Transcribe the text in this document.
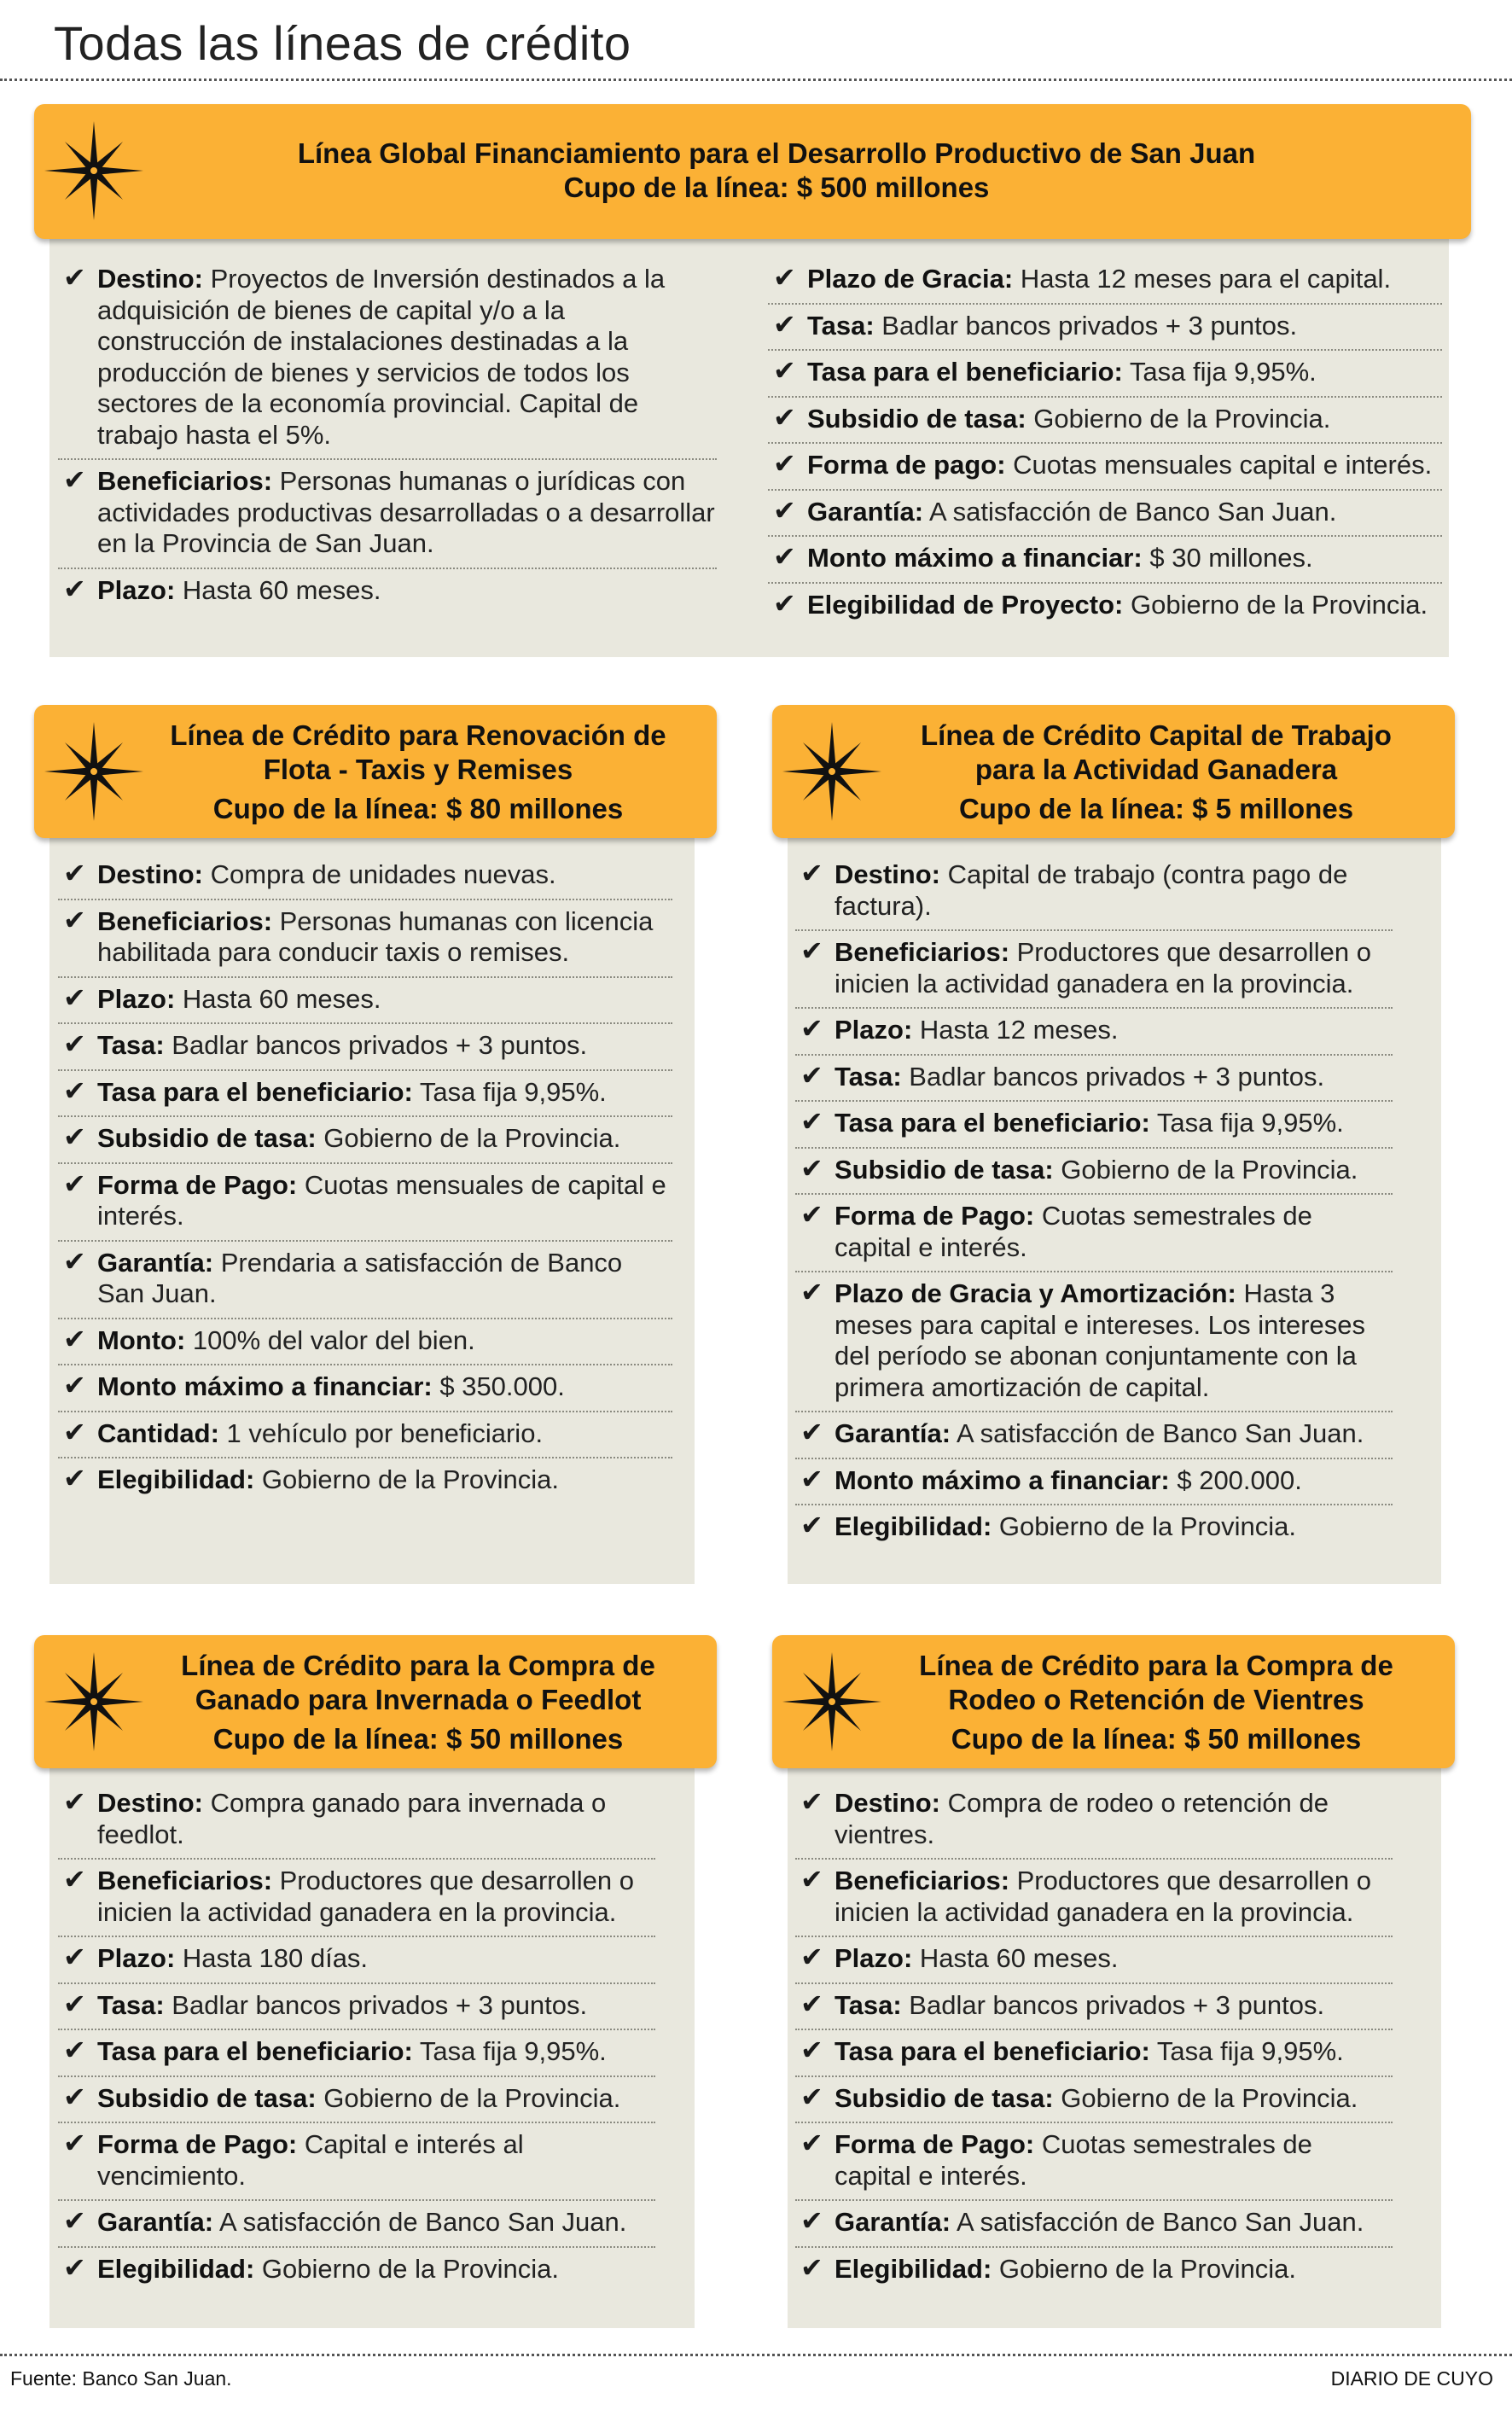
Todas las líneas de crédito
Línea Global Financiamiento para el Desarrollo Productivo de San Juan
Cupo de la línea: $ 500 millones
✔ Destino: Proyectos de Inversión destinados a la adquisición de bienes de capital y/o a la construcción de instalaciones destinadas a la producción de bienes y servicios de todos los sectores de la economía provincial. Capital de trabajo hasta el 5%.
✔ Beneficiarios: Personas humanas o jurídicas con actividades productivas desarrolladas o a desarrollar en la Provincia de San Juan.
✔ Plazo: Hasta 60 meses.
✔ Plazo de Gracia: Hasta 12 meses para el capital.
✔ Tasa: Badlar bancos privados + 3 puntos.
✔ Tasa para el beneficiario: Tasa fija 9,95%.
✔ Subsidio de tasa: Gobierno de la Provincia.
✔ Forma de pago: Cuotas mensuales capital e interés.
✔ Garantía: A satisfacción de Banco San Juan.
✔ Monto máximo a financiar: $ 30 millones.
✔ Elegibilidad de Proyecto: Gobierno de la Provincia.
Línea de Crédito para Renovación de
Flota - Taxis y Remises
Cupo de la línea: $ 80 millones
✔ Destino: Compra de unidades nuevas.
✔ Beneficiarios: Personas humanas con licencia habilitada para conducir taxis o remises.
✔ Plazo: Hasta 60 meses.
✔ Tasa: Badlar bancos privados + 3 puntos.
✔ Tasa para el beneficiario: Tasa fija 9,95%.
✔ Subsidio de tasa: Gobierno de la Provincia.
✔ Forma de Pago: Cuotas mensuales de capital e interés.
✔ Garantía: Prendaria a satisfacción de Banco San Juan.
✔ Monto: 100% del valor del bien.
✔ Monto máximo a financiar: $ 350.000.
✔ Cantidad: 1 vehículo por beneficiario.
✔ Elegibilidad: Gobierno de la Provincia.
Línea de Crédito Capital de Trabajo
para la Actividad Ganadera
Cupo de la línea: $ 5 millones
✔ Destino: Capital de trabajo (contra pago de factura).
✔ Beneficiarios: Productores que desarrollen o inicien la actividad ganadera en la provincia.
✔ Plazo: Hasta 12 meses.
✔ Tasa: Badlar bancos privados + 3 puntos.
✔ Tasa para el beneficiario: Tasa fija 9,95%.
✔ Subsidio de tasa: Gobierno de la Provincia.
✔ Forma de Pago: Cuotas semestrales de capital e interés.
✔ Plazo de Gracia y Amortización: Hasta 3 meses para capital e intereses. Los intereses del período se abonan conjuntamente con la primera amortización de capital.
✔ Garantía: A satisfacción de Banco San Juan.
✔ Monto máximo a financiar: $ 200.000.
✔ Elegibilidad: Gobierno de la Provincia.
Línea de Crédito para la Compra de
Ganado para Invernada o Feedlot
Cupo de la línea: $ 50 millones
✔ Destino: Compra ganado para invernada o feedlot.
✔ Beneficiarios: Productores que desarrollen o inicien la actividad ganadera en la provincia.
✔ Plazo: Hasta 180 días.
✔ Tasa: Badlar bancos privados + 3 puntos.
✔ Tasa para el beneficiario: Tasa fija 9,95%.
✔ Subsidio de tasa: Gobierno de la Provincia.
✔ Forma de Pago: Capital e interés al vencimiento.
✔ Garantía: A satisfacción de Banco San Juan.
✔ Elegibilidad: Gobierno de la Provincia.
Línea de Crédito para la Compra de
Rodeo o Retención de Vientres
Cupo de la línea: $ 50 millones
✔ Destino: Compra de rodeo o retención de vientres.
✔ Beneficiarios: Productores que desarrollen o inicien la actividad ganadera en la provincia.
✔ Plazo: Hasta 60 meses.
✔ Tasa: Badlar bancos privados + 3 puntos.
✔ Tasa para el beneficiario: Tasa fija 9,95%.
✔ Subsidio de tasa: Gobierno de la Provincia.
✔ Forma de Pago: Cuotas semestrales de capital e interés.
✔ Garantía: A satisfacción de Banco San Juan.
✔ Elegibilidad: Gobierno de la Provincia.
Fuente: Banco San Juan.	DIARIO DE CUYO
